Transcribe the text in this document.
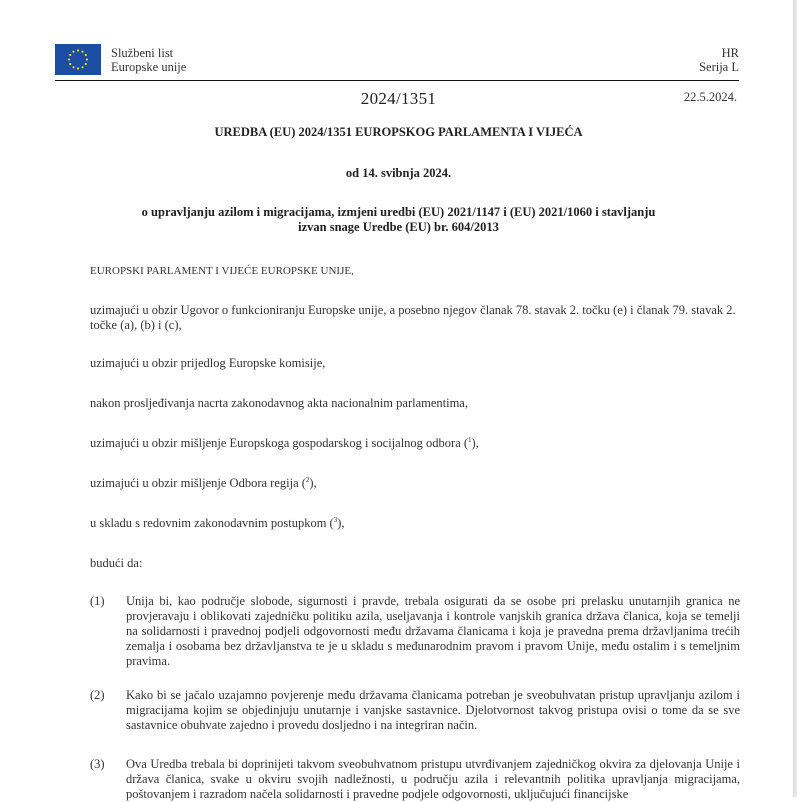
Službeni list
Europske unije
HR
Serija L
2024/1351	22.5.2024.
UREDBA (EU) 2024/1351 EUROPSKOG PARLAMENTA I VIJEĆA
od 14. svibnja 2024.
o upravljanju azilom i migracijama, izmjeni uredbi (EU) 2021/1147 i (EU) 2021/1060 i stavljanju
izvan snage Uredbe (EU) br. 604/2013
EUROPSKI PARLAMENT I VIJEĆE EUROPSKE UNIJE,
uzimajući u obzir Ugovor o funkcioniranju Europske unije, a posebno njegov članak 78. stavak 2. točku (e) i članak 79. stavak 2. točke (a), (b) i (c),
uzimajući u obzir prijedlog Europske komisije,
nakon prosljeđivanja nacrta zakonodavnog akta nacionalnim parlamentima,
uzimajući u obzir mišljenje Europskoga gospodarskog i socijalnog odbora ($^1$),
uzimajući u obzir mišljenje Odbora regija ($^2$),
u skladu s redovnim zakonodavnim postupkom ($^3$),
budući da:
(1) Unija bi, kao područje slobode, sigurnosti i pravde, trebala osigurati da se osobe pri prelasku unutarnjih granica ne provjeravaju i oblikovati zajedničku politiku azila, useljavanja i kontrole vanjskih granica država članica, koja se temelji na solidarnosti i pravednoj podjeli odgovornosti među državama članicama i koja je pravedna prema državljanima trećih zemalja i osobama bez državljanstva te je u skladu s međunarodnim pravom i pravom Unije, među ostalim i s temeljnim pravima.
(2) Kako bi se jačalo uzajamno povjerenje među državama članicama potreban je sveobuhvatan pristup upravljanju azilom i migracijama kojim se objedinjuju unutarnje i vanjske sastavnice. Djelotvornost takvog pristupa ovisi o tome da se sve sastavnice obuhvate zajedno i provedu dosljedno i na integriran način.
(3) Ova Uredba trebala bi doprinijeti takvom sveobuhvatnom pristupu utvrđivanjem zajedničkog okvira za djelovanja Unije i država članica, svake u okviru svojih nadležnosti, u području azila i relevantnih politika upravljanja migracijama, poštovanjem i razradom načela solidarnosti i pravedne podjele odgovornosti, uključujući financijske
